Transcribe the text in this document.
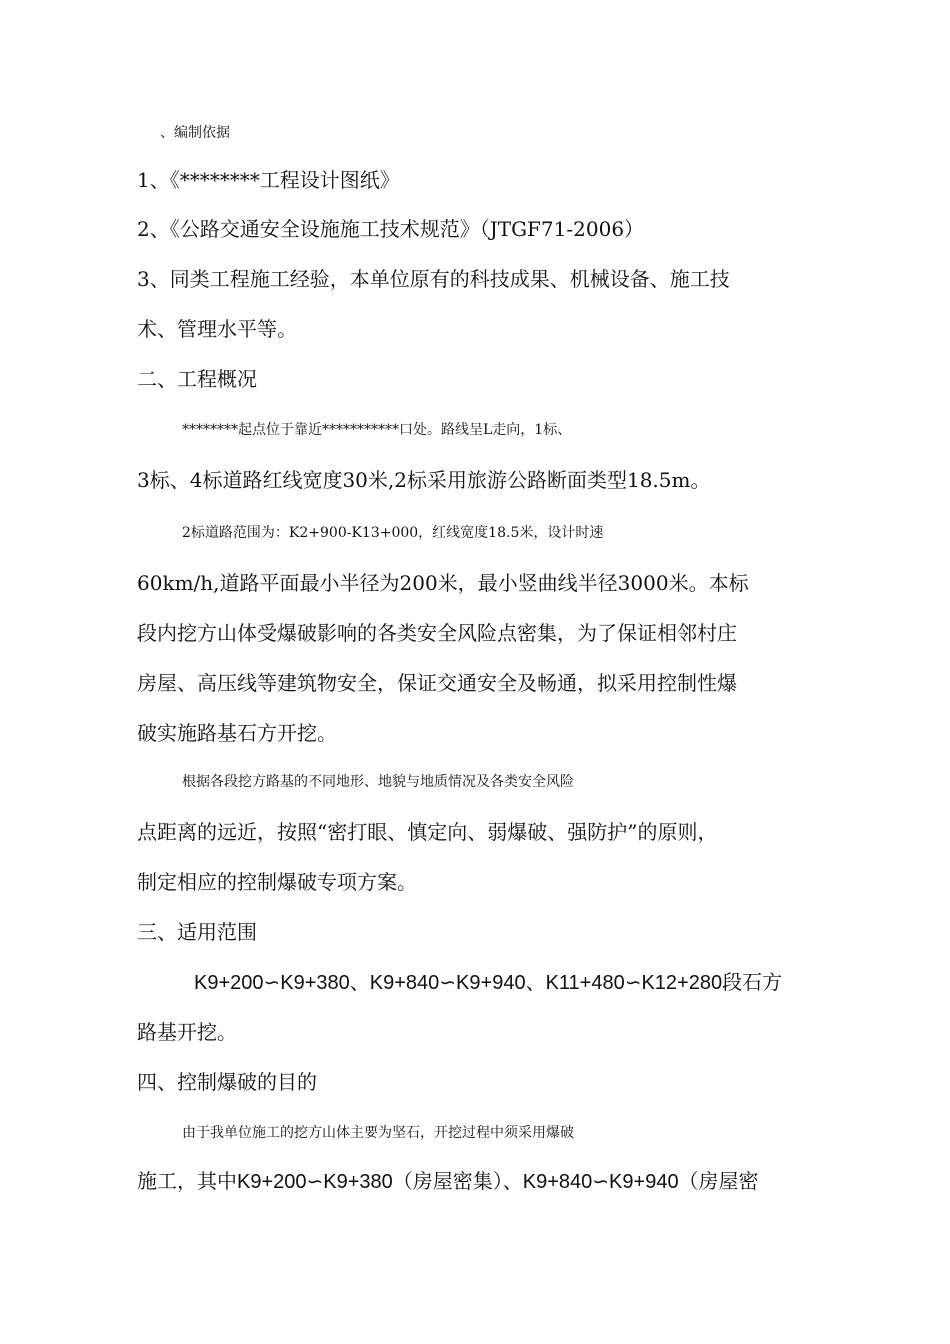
、编制依据
1、《********工程设计图纸》
2、《公路交通安全设施施工技术规范》（JTGF71-2006）
3、同类工程施工经验，本单位原有的科技成果、机械设备、施工技
术、管理水平等。
二、工程概况
********起点位于靠近***********口处。路线呈L走向，1标、
3标、4标道路红线宽度30米,2标采用旅游公路断面类型18.5m。
2标道路范围为：K2+900-K13+000，红线宽度18.5米，设计时速
60km/h,道路平面最小半径为200米，最小竖曲线半径3000米。本标
段内挖方山体受爆破影响的各类安全风险点密集，为了保证相邻村庄
房屋、高压线等建筑物安全，保证交通安全及畅通，拟采用控制性爆
破实施路基石方开挖。
根据各段挖方路基的不同地形、地貌与地质情况及各类安全风险
点距离的远近，按照“密打眼、慎定向、弱爆破、强防护”的原则，
制定相应的控制爆破专项方案。
三、适用范围
K9+200∽K9+380、K9+840∽K9+940、K11+480∽K12+280段石方
路基开挖。
四、控制爆破的目的
由于我单位施工的挖方山体主要为坚石，开挖过程中须采用爆破
施工，其中K9+200∽K9+380（房屋密集）、K9+840∽K9+940（房屋密
